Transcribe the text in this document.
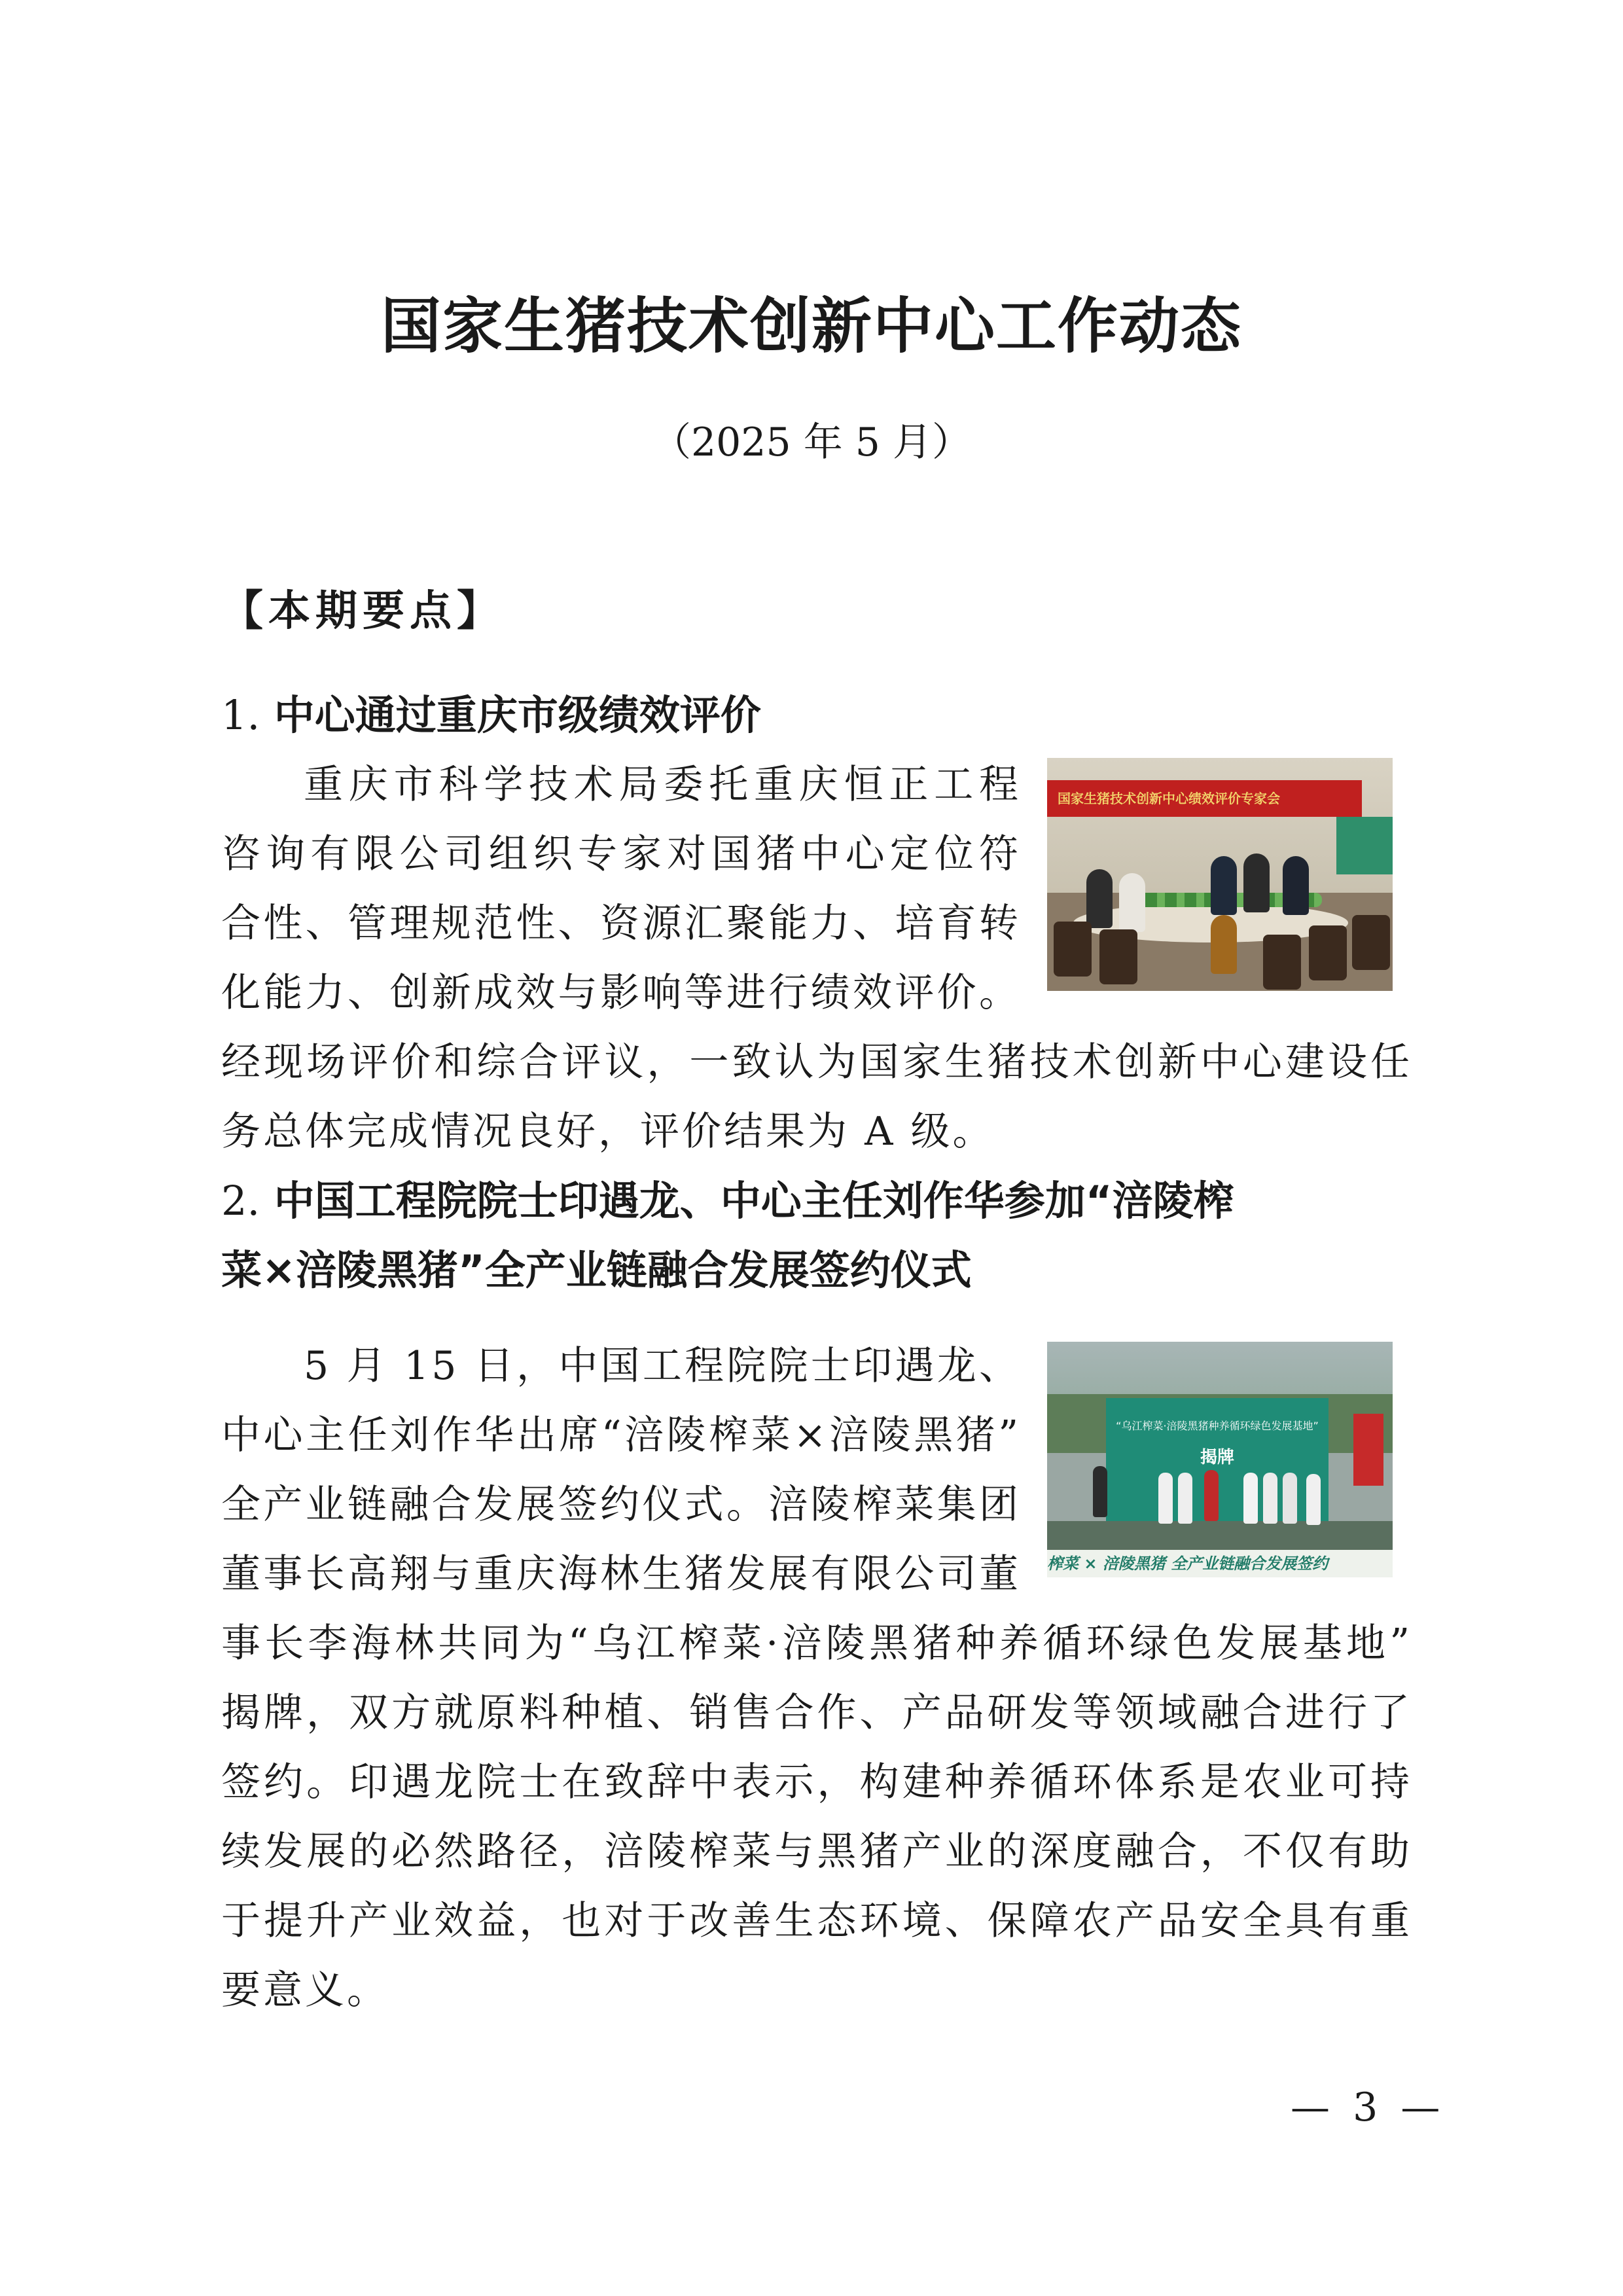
国家生猪技术创新中心工作动态

（2025 年 5 月）

【本期要点】

1. 中心通过重庆市级绩效评价

重庆市科学技术局委托重庆恒正工程

咨询有限公司组织专家对国猪中心定位符

合性、管理规范性、资源汇聚能力、培育转

化能力、创新成效与影响等进行绩效评价。

经现场评价和综合评议，一致认为国家生猪技术创新中心建设任

务总体完成情况良好，评价结果为 A 级。

国家生猪技术创新中心绩效评价专家会

2. 中国工程院院士印遇龙、中心主任刘作华参加“涪陵榨

菜×涪陵黑猪”全产业链融合发展签约仪式

5 月 15 日，中国工程院院士印遇龙、

中心主任刘作华出席“涪陵榨菜×涪陵黑猪”

全产业链融合发展签约仪式。涪陵榨菜集团

董事长高翔与重庆海林生猪发展有限公司董

事长李海林共同为“乌江榨菜·涪陵黑猪种养循环绿色发展基地”

揭牌，双方就原料种植、销售合作、产品研发等领域融合进行了

签约。印遇龙院士在致辞中表示，构建种养循环体系是农业可持

续发展的必然路径，涪陵榨菜与黑猪产业的深度融合，不仅有助

于提升产业效益，也对于改善生态环境、保障农产品安全具有重

要意义。

“乌江榨菜·涪陵黑猪种养循环绿色发展基地”
揭牌
榨菜 × 涪陵黑猪 全产业链融合发展签约

— 3 —
